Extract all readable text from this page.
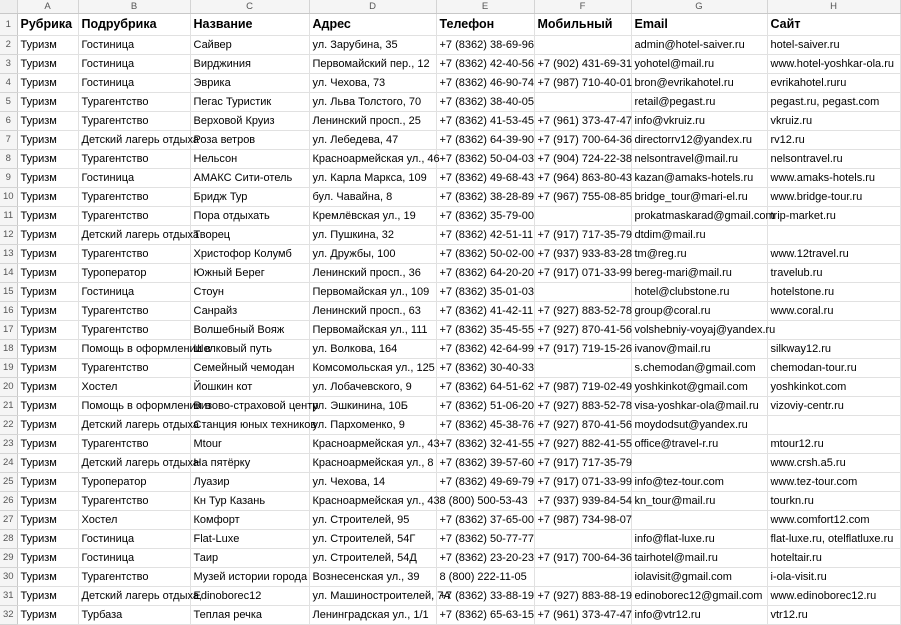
	A	B	C	D	E	F	G	H
1	Рубрика	Подрубрика	Название	Адрес	Телефон	Мобильный	Email	Сайт
2	Туризм	Гостиница	Сайвер	ул. Зарубина, 35	+7 (8362) 38-69-96		admin@hotel-saiver.ru	hotel-saiver.ru
3	Туризм	Гостиница	Вирджиния	Первомайский пер., 12	+7 (8362) 42-40-56	+7 (902) 431-69-31	yohotel@mail.ru	www.hotel-yoshkar-ola.ru
4	Туризм	Гостиница	Эврика	ул. Чехова, 73	+7 (8362) 46-90-74	+7 (987) 710-40-01	bron@evrikahotel.ru	evrikahotel.ruru
5	Туризм	Турагентство	Пегас Туристик	ул. Льва Толстого, 70	+7 (8362) 38-40-05		retail@pegast.ru	pegast.ru, pegast.com
6	Туризм	Турагентство	Верховой Круиз	Ленинский просп., 25	+7 (8362) 41-53-45	+7 (961) 373-47-47	info@vkruiz.ru	vkruiz.ru
7	Туризм	Детский лагерь отдыха	Роза ветров	ул. Лебедева, 47	+7 (8362) 64-39-90	+7 (917) 700-64-36	directorrv12@yandex.ru	rv12.ru
8	Туризм	Турагентство	Нельсон	Красноармейская ул., 46	+7 (8362) 50-04-03	+7 (904) 724-22-38	nelsontravel@mail.ru	nelsontravel.ru
9	Туризм	Гостиница	АМАКС Сити-отель	ул. Карла Маркса, 109	+7 (8362) 49-68-43	+7 (964) 863-80-43	kazan@amaks-hotels.ru	www.amaks-hotels.ru
10	Туризм	Турагентство	Бридж Тур	бул. Чавайна, 8	+7 (8362) 38-28-89	+7 (967) 755-08-85	bridge_tour@mari-el.ru	www.bridge-tour.ru
11	Туризм	Турагентство	Пора отдыхать	Кремлёвская ул., 19	+7 (8362) 35-79-00		prokatmaskarad@gmail.com	trip-market.ru
12	Туризм	Детский лагерь отдыха	Творец	ул. Пушкина, 32	+7 (8362) 42-51-11	+7 (917) 717-35-79	dtdim@mail.ru	
13	Туризм	Турагентство	Христофор Колумб	ул. Дружбы, 100	+7 (8362) 50-02-00	+7 (937) 933-83-28	tm@reg.ru	www.12travel.ru
14	Туризм	Туроператор	Южный Берег	Ленинский просп., 36	+7 (8362) 64-20-20	+7 (917) 071-33-99	bereg-mari@mail.ru	travelub.ru
15	Туризм	Гостиница	Стоун	Первомайская ул., 109	+7 (8362) 35-01-03		hotel@clubstone.ru	hotelstone.ru
16	Туризм	Турагентство	Санрайз	Ленинский просп., 63	+7 (8362) 41-42-11	+7 (927) 883-52-78	group@coral.ru	www.coral.ru
17	Туризм	Турагентство	Волшебный Вояж	Первомайская ул., 111	+7 (8362) 35-45-55	+7 (927) 870-41-56	volshebniy-voyaj@yandex.ru	
18	Туризм	Помощь в оформлении в	Шелковый путь	ул. Волкова, 164	+7 (8362) 42-64-99	+7 (917) 719-15-26	ivanov@mail.ru	silkway12.ru
19	Туризм	Турагентство	Семейный чемодан	Комсомольская ул., 125	+7 (8362) 30-40-33		s.chemodan@gmail.com	chemodan-tour.ru
20	Туризм	Хостел	Йошкин кот	ул. Лобачевского, 9	+7 (8362) 64-51-62	+7 (987) 719-02-49	yoshkinkot@gmail.com	yoshkinkot.com
21	Туризм	Помощь в оформлении в	Визово-страховой центр	ул. Эшкинина, 10Б	+7 (8362) 51-06-20	+7 (927) 883-52-78	visa-yoshkar-ola@mail.ru	vizoviy-centr.ru
22	Туризм	Детский лагерь отдыха	Станция юных техников	ул. Пархоменко, 9	+7 (8362) 45-38-76	+7 (927) 870-41-56	moydodsut@yandex.ru	
23	Туризм	Турагентство	Mtour	Красноармейская ул., 43	+7 (8362) 32-41-55	+7 (927) 882-41-55	office@travel-r.ru	mtour12.ru
24	Туризм	Детский лагерь отдыха	На пятёрку	Красноармейская ул., 8	+7 (8362) 39-57-60	+7 (917) 717-35-79		www.crsh.a5.ru
25	Туризм	Туроператор	Луазир	ул. Чехова, 14	+7 (8362) 49-69-79	+7 (917) 071-33-99	info@tez-tour.com	www.tez-tour.com
26	Туризм	Турагентство	Кн Тур Казань	Красноармейская ул., 43	8 (800) 500-53-43	+7 (937) 939-84-54	kn_tour@mail.ru	tourkn.ru
27	Туризм	Хостел	Комфорт	ул. Строителей, 95	+7 (8362) 37-65-00	+7 (987) 734-98-07		www.comfort12.com
28	Туризм	Гостиница	Flat-Luxe	ул. Строителей, 54Г	+7 (8362) 50-77-77		info@flat-luxe.ru	flat-luxe.ru, otelflatluxe.ru
29	Туризм	Гостиница	Таир	ул. Строителей, 54Д	+7 (8362) 23-20-23	+7 (917) 700-64-36	tairhotel@mail.ru	hoteltair.ru
30	Туризм	Турагентство	Музей истории города	Вознесенская ул., 39	8 (800) 222-11-05		iolavisit@gmail.com	i-ola-visit.ru
31	Туризм	Детский лагерь отдыха,	Edinoborec12	ул. Машиностроителей, 7А	+7 (8362) 33-88-19	+7 (927) 883-88-19	edinoborec12@gmail.com	www.edinoborec12.ru
32	Туризм	Турбаза	Теплая речка	Ленинградская ул., 1/1	+7 (8362) 65-63-15	+7 (961) 373-47-47	info@vtr12.ru	vtr12.ru
